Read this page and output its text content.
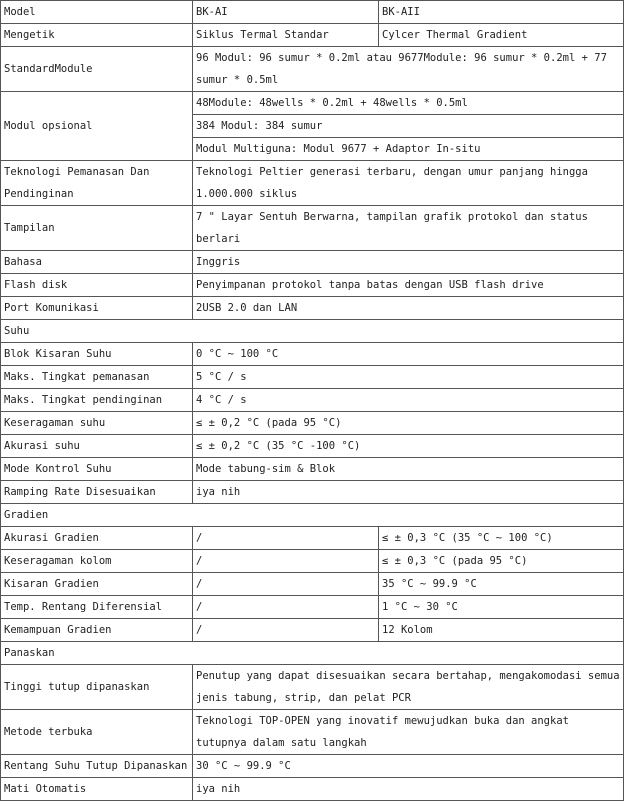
Model	BK-AI	BK-AII
Mengetik	Siklus Termal Standar	Cylcer Thermal Gradient
StandardModule	96 Modul: 96 sumur * 0.2ml atau 9677Module: 96 sumur * 0.2ml + 77 sumur * 0.5ml	
Modul opsional	48Module: 48wells * 0.2ml + 48wells * 0.5ml	
	384 Modul: 384 sumur	
	Modul Multiguna: Modul 9677 + Adaptor In-situ	
Teknologi Pemanasan Dan Pendinginan	Teknologi Peltier generasi terbaru, dengan umur panjang hingga 1.000.000 siklus	
Tampilan	7 " Layar Sentuh Berwarna, tampilan grafik protokol dan status berlari	
Bahasa	Inggris	
Flash disk	Penyimpanan protokol tanpa batas dengan USB flash drive	
Port Komunikasi	2USB 2.0 dan LAN	
Suhu		
Blok Kisaran Suhu	0 °C ~ 100 °C	
Maks. Tingkat pemanasan	5 °C / s	
Maks. Tingkat pendinginan	4 °C / s	
Keseragaman suhu	≤ ± 0,2 °C (pada 95 °C)	
Akurasi suhu	≤ ± 0,2 °C (35 °C -100 °C)	
Mode Kontrol Suhu	Mode tabung-sim & Blok	
Ramping Rate Disesuaikan	iya nih	
Gradien		
Akurasi Gradien	/	≤ ± 0,3 °C (35 °C ~ 100 °C)
Keseragaman kolom	/	≤ ± 0,3 °C (pada 95 °C)
Kisaran Gradien	/	35 °C ~ 99.9 °C
Temp. Rentang Diferensial	/	1 °C ~ 30 °C
Kemampuan Gradien	/	12 Kolom
Panaskan		
Tinggi tutup dipanaskan	Penutup yang dapat disesuaikan secara bertahap, mengakomodasi semua jenis tabung, strip, dan pelat PCR	
Metode terbuka	Teknologi TOP-OPEN yang inovatif mewujudkan buka dan angkat tutupnya dalam satu langkah	
Rentang Suhu Tutup Dipanaskan	30 °C ~ 99.9 °C	
Mati Otomatis	iya nih	
